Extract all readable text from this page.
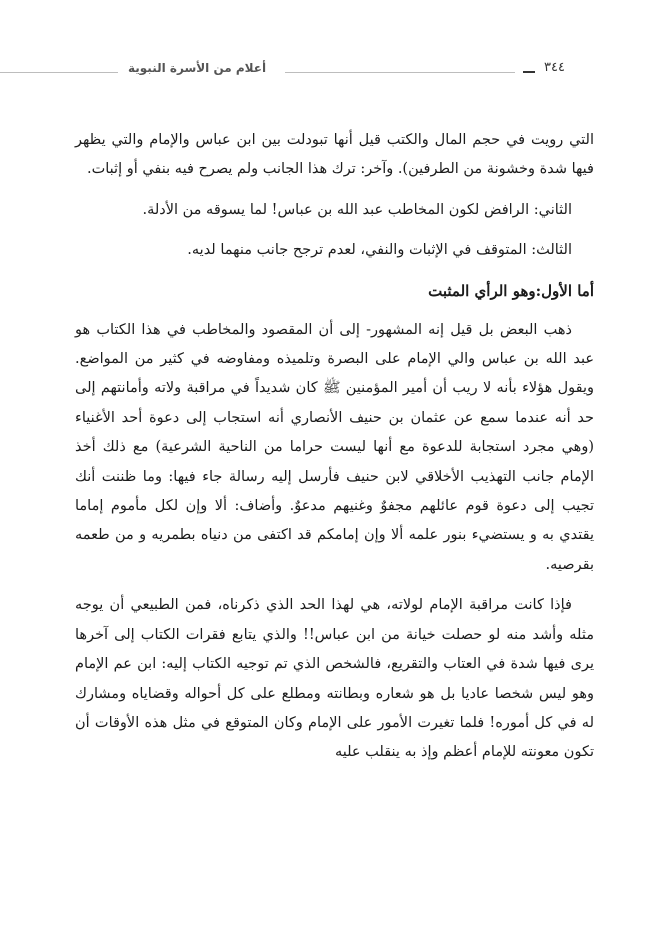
أعلام من الأسرة النبوية	٣٤٤

التي رويت في حجم المال والكتب قيل أنها تبودلت بين ابن عباس والإمام والتي يظهر فيها شدة وخشونة من الطرفين). وآخر: ترك هذا الجانب ولم يصرح فيه بنفي أو إثبات.

الثاني: الرافض لكون المخاطب عبد الله بن عباس! لما يسوقه من الأدلة.

الثالث: المتوقف في الإثبات والنفي، لعدم ترجح جانب منهما لديه.

أما الأول:وهو الرأي المثبت

ذهب البعض بل قيل إنه المشهور- إلى أن المقصود والمخاطب في هذا الكتاب هو عبد الله بن عباس والي الإمام على البصرة وتلميذه ومفاوضه في كثير من المواضع. ويقول هؤلاء بأنه لا ريب أن أمير المؤمنين ﷺ كان شديداً في مراقبة ولاته وأمانتهم إلى حد أنه عندما سمع عن عثمان بن حنيف الأنصاري أنه استجاب إلى دعوة أحد الأغنياء (وهي مجرد استجابة للدعوة مع أنها ليست حراما من الناحية الشرعية) مع ذلك أخذ الإمام جانب التهذيب الأخلاقي لابن حنيف فأرسل إليه رسالة جاء فيها: وما ظننت أنك تجيب إلى دعوة قوم عائلهم مجفوٌ وغنيهم مدعوٌ. وأضاف: ألا وإن لكل مأموم إماما يقتدي به و يستضيء بنور علمه ألا وإن إمامكم قد اكتفى من دنياه بطمريه و من طعمه بقرصيه.

فإذا كانت مراقبة الإمام لولاته، هي لهذا الحد الذي ذكرناه، فمن الطبيعي أن يوجه مثله وأشد منه لو حصلت خيانة من ابن عباس!! والذي يتابع فقرات الكتاب إلى آخرها يرى فيها شدة في العتاب والتقريع، فالشخص الذي تم توجيه الكتاب إليه: ابن عم الإمام وهو ليس شخصا عاديا بل هو شعاره وبطانته ومطلع على كل أحواله وقضاياه ومشارك له في كل أموره! فلما تغيرت الأمور على الإمام وكان المتوقع في مثل هذه الأوقات أن تكون معونته للإمام أعظم وإذ به ينقلب عليه
